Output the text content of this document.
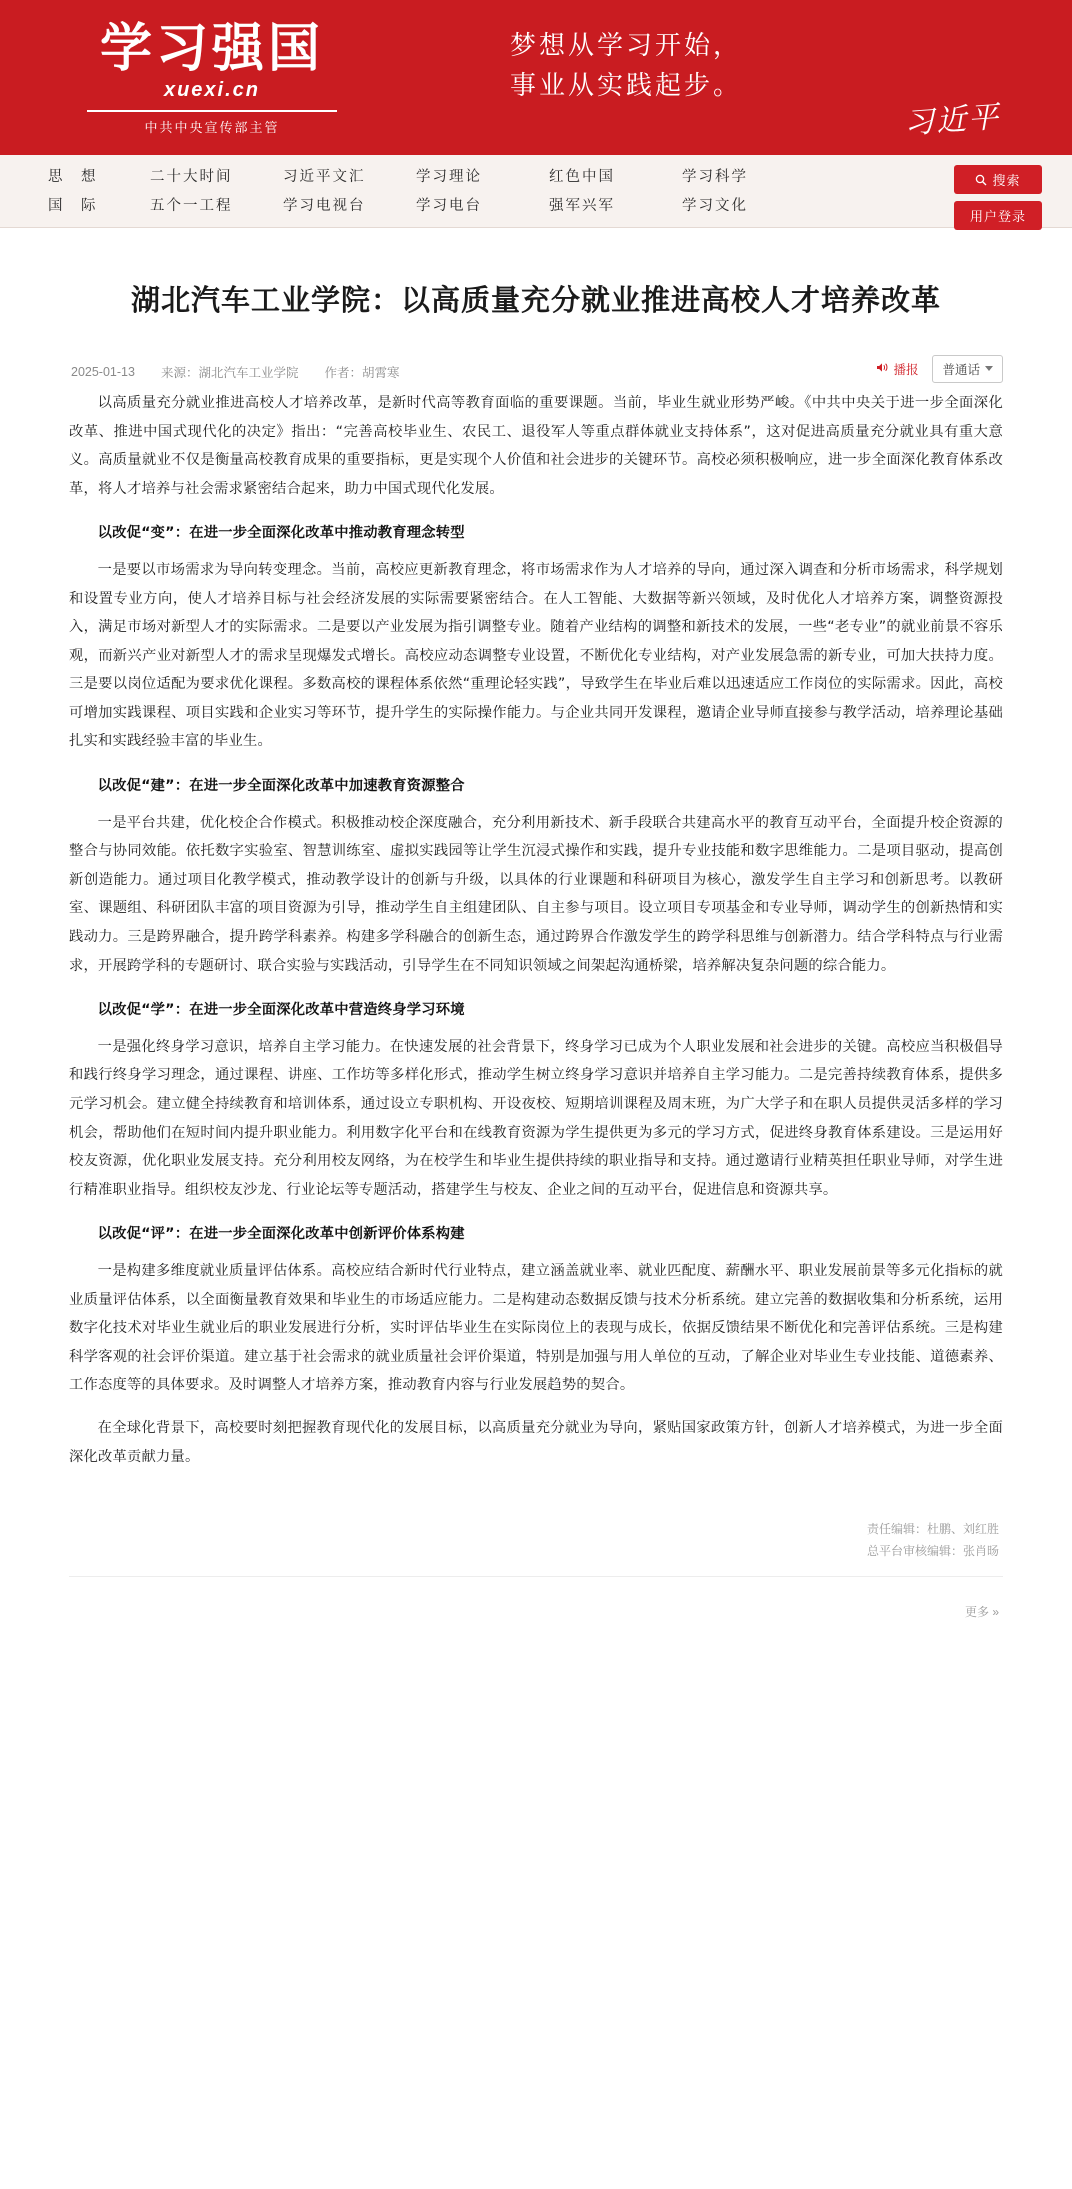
学习强国
xuexi.cn
中共中央宣传部主管
梦想从学习开始，
事业从实践起步。
习近平
思　想	二十大时间	习近平文汇	学习理论	红色中国	学习科学
国　际	五个一工程	学习电视台	学习电台	强军兴军	学习文化
搜索
用户登录
湖北汽车工业学院：以高质量充分就业推进高校人才培养改革
2025-01-13 来源：湖北汽车工业学院 作者：胡霄寒	播报 普通话

以高质量充分就业推进高校人才培养改革，是新时代高等教育面临的重要课题。当前，毕业生就业形势严峻。《中共中央关于进一步全面深化改革、推进中国式现代化的决定》指出：“完善高校毕业生、农民工、退役军人等重点群体就业支持体系”，这对促进高质量充分就业具有重大意义。高质量就业不仅是衡量高校教育成果的重要指标，更是实现个人价值和社会进步的关键环节。高校必须积极响应，进一步全面深化教育体系改革，将人才培养与社会需求紧密结合起来，助力中国式现代化发展。

以改促“变”：在进一步全面深化改革中推动教育理念转型

一是要以市场需求为导向转变理念。当前，高校应更新教育理念，将市场需求作为人才培养的导向，通过深入调查和分析市场需求，科学规划和设置专业方向，使人才培养目标与社会经济发展的实际需要紧密结合。在人工智能、大数据等新兴领域，及时优化人才培养方案，调整资源投入，满足市场对新型人才的实际需求。二是要以产业发展为指引调整专业。随着产业结构的调整和新技术的发展，一些“老专业”的就业前景不容乐观，而新兴产业对新型人才的需求呈现爆发式增长。高校应动态调整专业设置，不断优化专业结构，对产业发展急需的新专业，可加大扶持力度。三是要以岗位适配为要求优化课程。多数高校的课程体系依然“重理论轻实践”，导致学生在毕业后难以迅速适应工作岗位的实际需求。因此，高校可增加实践课程、项目实践和企业实习等环节，提升学生的实际操作能力。与企业共同开发课程，邀请企业导师直接参与教学活动，培养理论基础扎实和实践经验丰富的毕业生。

以改促“建”：在进一步全面深化改革中加速教育资源整合

一是平台共建，优化校企合作模式。积极推动校企深度融合，充分利用新技术、新手段联合共建高水平的教育互动平台，全面提升校企资源的整合与协同效能。依托数字实验室、智慧训练室、虚拟实践园等让学生沉浸式操作和实践，提升专业技能和数字思维能力。二是项目驱动，提高创新创造能力。通过项目化教学模式，推动教学设计的创新与升级，以具体的行业课题和科研项目为核心，激发学生自主学习和创新思考。以教研室、课题组、科研团队丰富的项目资源为引导，推动学生自主组建团队、自主参与项目。设立项目专项基金和专业导师，调动学生的创新热情和实践动力。三是跨界融合，提升跨学科素养。构建多学科融合的创新生态，通过跨界合作激发学生的跨学科思维与创新潜力。结合学科特点与行业需求，开展跨学科的专题研讨、联合实验与实践活动，引导学生在不同知识领域之间架起沟通桥梁，培养解决复杂问题的综合能力。

以改促“学”：在进一步全面深化改革中营造终身学习环境

一是强化终身学习意识，培养自主学习能力。在快速发展的社会背景下，终身学习已成为个人职业发展和社会进步的关键。高校应当积极倡导和践行终身学习理念，通过课程、讲座、工作坊等多样化形式，推动学生树立终身学习意识并培养自主学习能力。二是完善持续教育体系，提供多元学习机会。建立健全持续教育和培训体系，通过设立专职机构、开设夜校、短期培训课程及周末班，为广大学子和在职人员提供灵活多样的学习机会，帮助他们在短时间内提升职业能力。利用数字化平台和在线教育资源为学生提供更为多元的学习方式，促进终身教育体系建设。三是运用好校友资源，优化职业发展支持。充分利用校友网络，为在校学生和毕业生提供持续的职业指导和支持。通过邀请行业精英担任职业导师，对学生进行精准职业指导。组织校友沙龙、行业论坛等专题活动，搭建学生与校友、企业之间的互动平台，促进信息和资源共享。

以改促“评”：在进一步全面深化改革中创新评价体系构建

一是构建多维度就业质量评估体系。高校应结合新时代行业特点，建立涵盖就业率、就业匹配度、薪酬水平、职业发展前景等多元化指标的就业质量评估体系，以全面衡量教育效果和毕业生的市场适应能力。二是构建动态数据反馈与技术分析系统。建立完善的数据收集和分析系统，运用数字化技术对毕业生就业后的职业发展进行分析，实时评估毕业生在实际岗位上的表现与成长，依据反馈结果不断优化和完善评估系统。三是构建科学客观的社会评价渠道。建立基于社会需求的就业质量社会评价渠道，特别是加强与用人单位的互动，了解企业对毕业生专业技能、道德素养、工作态度等的具体要求。及时调整人才培养方案，推动教育内容与行业发展趋势的契合。

在全球化背景下，高校要时刻把握教育现代化的发展目标，以高质量充分就业为导向，紧贴国家政策方针，创新人才培养模式，为进一步全面深化改革贡献力量。

责任编辑：杜鹏、刘红胜
总平台审核编辑：张肖旸
更多 »
